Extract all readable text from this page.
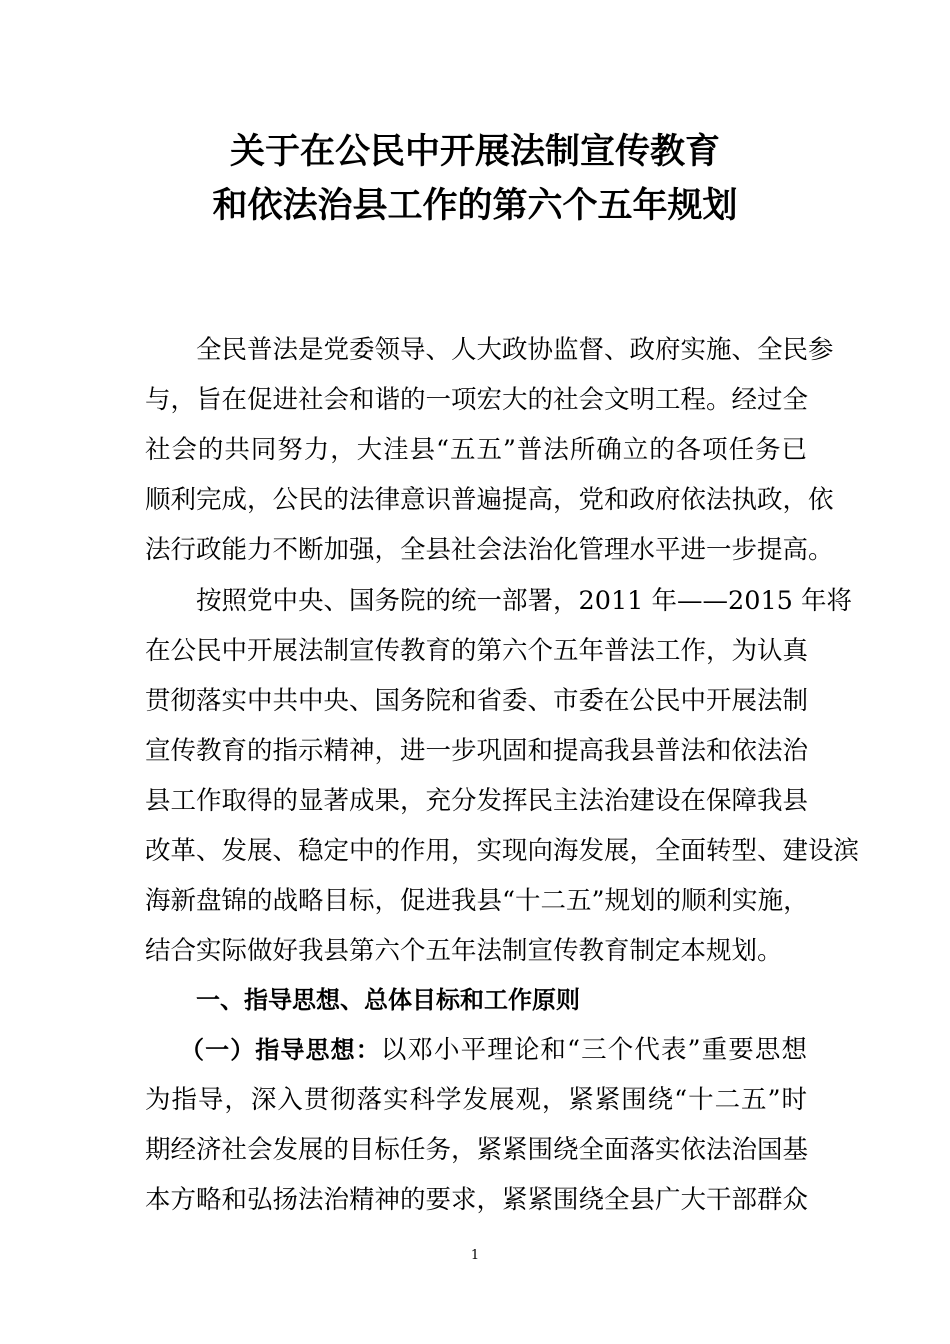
关于在公民中开展法制宣传教育
和依法治县工作的第六个五年规划
全民普法是党委领导、人大政协监督、政府实施、全民参
与，旨在促进社会和谐的一项宏大的社会文明工程。经过全
社会的共同努力，大洼县“五五”普法所确立的各项任务已
顺利完成，公民的法律意识普遍提高，党和政府依法执政，依
法行政能力不断加强，全县社会法治化管理水平进一步提高。
按照党中央、国务院的统一部署，2011 年——2015 年将
在公民中开展法制宣传教育的第六个五年普法工作，为认真
贯彻落实中共中央、国务院和省委、市委在公民中开展法制
宣传教育的指示精神，进一步巩固和提高我县普法和依法治
县工作取得的显著成果，充分发挥民主法治建设在保障我县
改革、发展、稳定中的作用，实现向海发展，全面转型、建设滨
海新盘锦的战略目标，促进我县“十二五”规划的顺利实施，
结合实际做好我县第六个五年法制宣传教育制定本规划。
一、指导思想、总体目标和工作原则
（一）指导思想：以邓小平理论和“三个代表”重要思想
为指导，深入贯彻落实科学发展观，紧紧围绕“十二五”时
期经济社会发展的目标任务，紧紧围绕全面落实依法治国基
本方略和弘扬法治精神的要求，紧紧围绕全县广大干部群众
1
